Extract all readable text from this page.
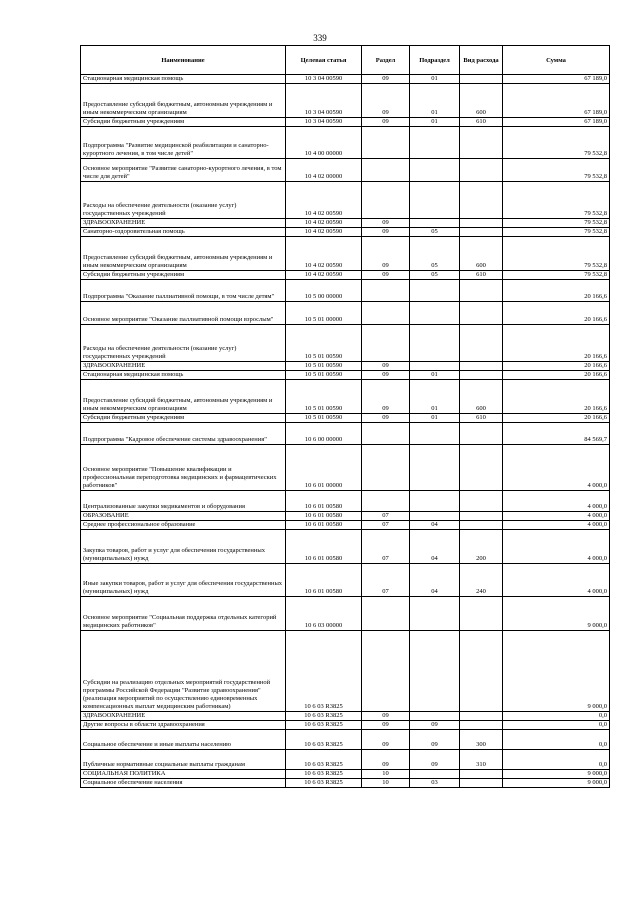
339
Наименование	Целевая статья	Раздел	Подраздел	Вид расхода	Сумма
Стационарная медицинская помощь	10 3 04 00590	09	01		67 189,0
Предоставление субсидий бюджетным, автономным учреждениям и иным некоммерческим организациям	10 3 04 00590	09	01	600	67 189,0
Субсидии бюджетным учреждениям	10 3 04 00590	09	01	610	67 189,0
Подпрограмма "Развитие медицинской реабилитации и санаторно-курортного лечения, в том числе детей"	10 4 00 00000				79 532,8
Основное мероприятие "Развитие санаторно-курортного лечения, в том числе для детей"	10 4 02 00000				79 532,8
Расходы на обеспечение деятельности (оказание услуг) государственных учреждений	10 4 02 00590				79 532,8
ЗДРАВООХРАНЕНИЕ	10 4 02 00590	09			79 532,8
Санаторно-оздоровительная помощь	10 4 02 00590	09	05		79 532,8
Предоставление субсидий бюджетным, автономным учреждениям и иным некоммерческим организациям	10 4 02 00590	09	05	600	79 532,8
Субсидии бюджетным учреждениям	10 4 02 00590	09	05	610	79 532,8
Подпрограмма "Оказание паллиативной помощи, в том числе детям"	10 5 00 00000				20 166,6
Основное мероприятие "Оказание паллиативной помощи взрослым"	10 5 01 00000				20 166,6
Расходы на обеспечение деятельности (оказание услуг) государственных учреждений	10 5 01 00590				20 166,6
ЗДРАВООХРАНЕНИЕ	10 5 01 00590	09			20 166,6
Стационарная медицинская помощь	10 5 01 00590	09	01		20 166,6
Предоставление субсидий бюджетным, автономным учреждениям и иным некоммерческим организациям	10 5 01 00590	09	01	600	20 166,6
Субсидии бюджетным учреждениям	10 5 01 00590	09	01	610	20 166,6
Подпрограмма "Кадровое обеспечение системы здравоохранения"	10 6 00 00000				84 569,7
Основное мероприятие "Повышение квалификации и профессиональная переподготовка медицинских и фармацевтических работников"	10 6 01 00000				4 000,0
Централизованные закупки медикаментов и оборудования	10 6 01 00580				4 000,0
ОБРАЗОВАНИЕ	10 6 01 00580	07			4 000,0
Среднее профессиональное образование	10 6 01 00580	07	04		4 000,0
Закупка товаров, работ и услуг для обеспечения государственных (муниципальных) нужд	10 6 01 00580	07	04	200	4 000,0
Иные закупки товаров, работ и услуг для обеспечения государственных (муниципальных) нужд	10 6 01 00580	07	04	240	4 000,0
Основное мероприятие "Социальная поддержка отдельных категорий медицинских работников"	10 6 03 00000				9 000,0
Субсидии на реализацию отдельных мероприятий государственной программы Российской Федерации "Развитие здравоохранения" (реализация мероприятий по осуществлению единовременных компенсационных выплат медицинским работникам)	10 6 03 R3825				9 000,0
ЗДРАВООХРАНЕНИЕ	10 6 03 R3825	09			0,0
Другие вопросы в области здравоохранения	10 6 03 R3825	09	09		0,0
Социальное обеспечение и иные выплаты населению	10 6 03 R3825	09	09	300	0,0
Публичные нормативные социальные выплаты гражданам	10 6 03 R3825	09	09	310	0,0
СОЦИАЛЬНАЯ ПОЛИТИКА	10 6 03 R3825	10			9 000,0
Социальное обеспечение населения	10 6 03 R3825	10	03		9 000,0
